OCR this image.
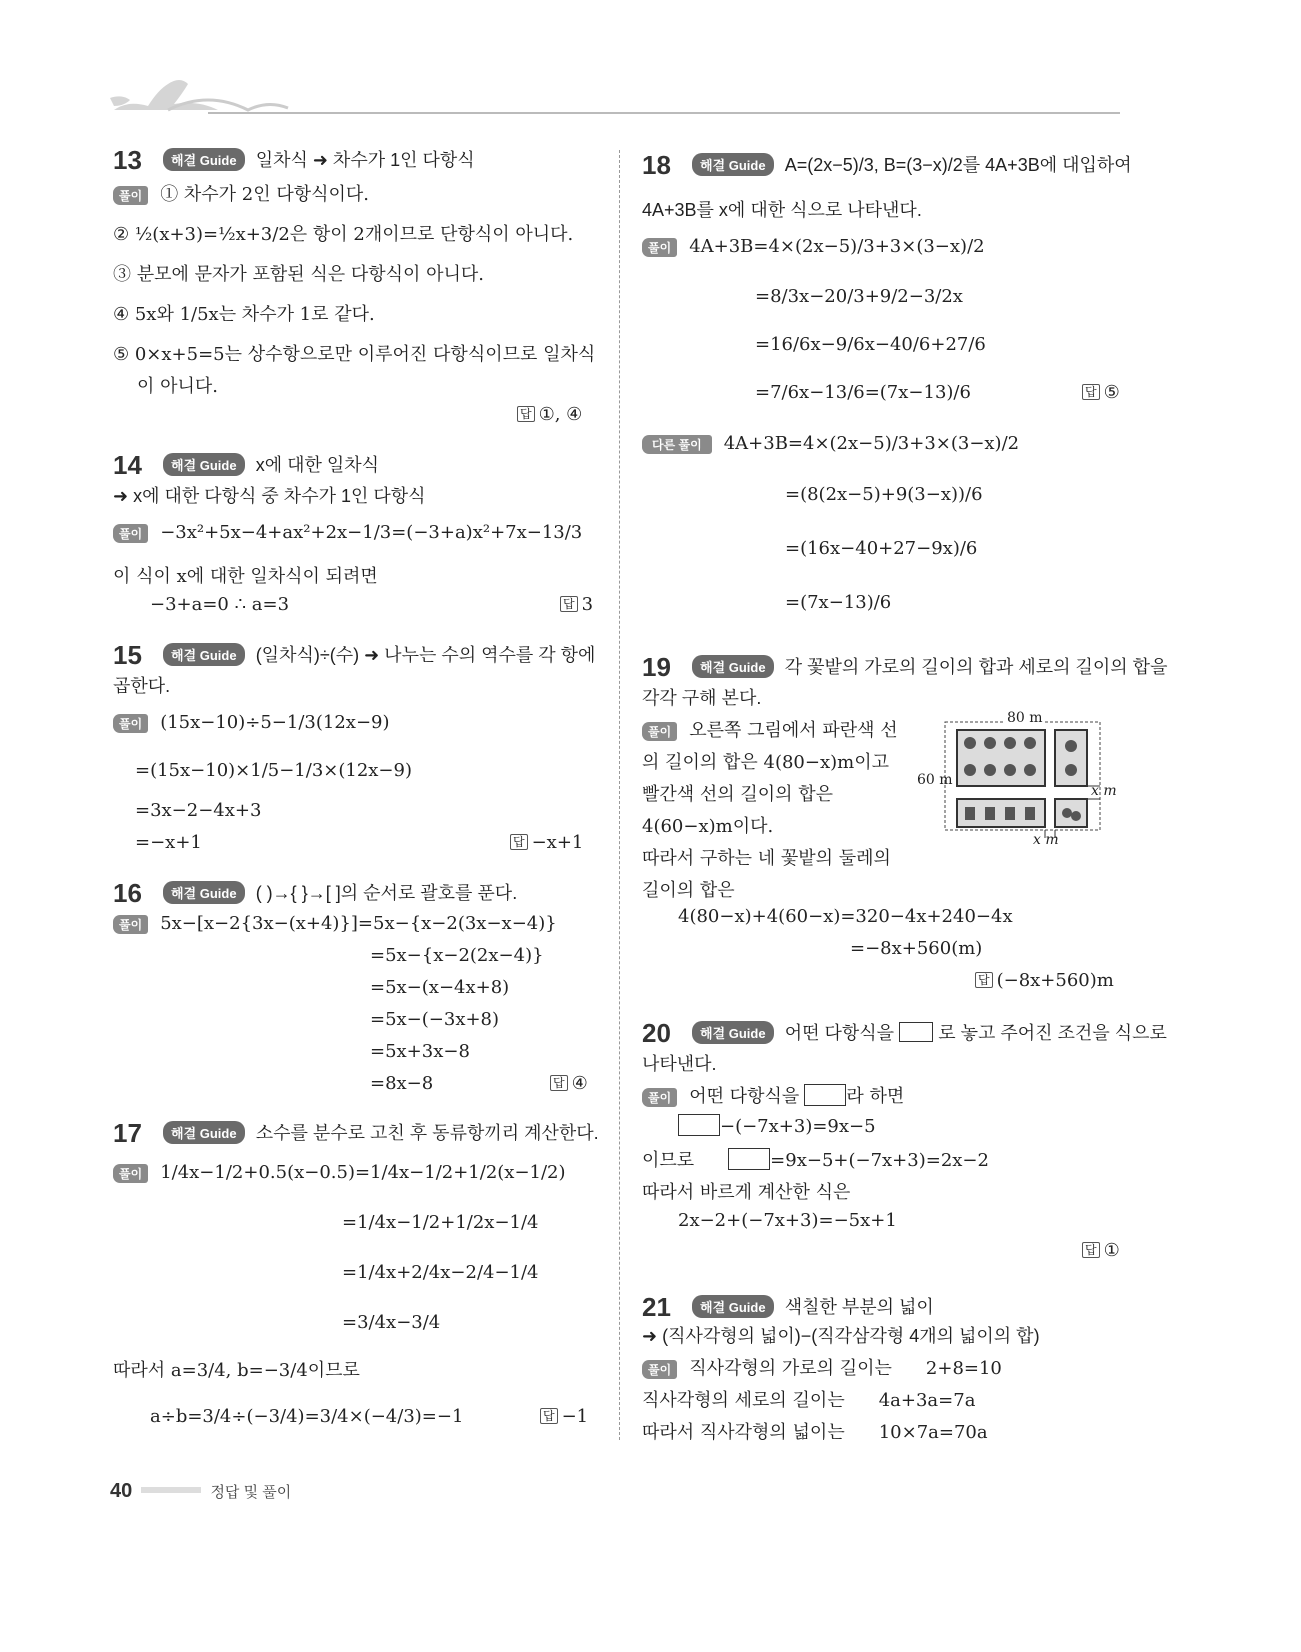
13 해결 Guide 일차식 ➜ 차수가 1인 다항식
풀이 ① 차수가 2인 다항식이다.
② ½(x+3)=½x+3/2은 항이 2개이므로 단항식이 아니다.
③ 분모에 문자가 포함된 식은 다항식이 아니다.
④ 5x와 1/5x는 차수가 1로 같다.
⑤ 0×x+5=5는 상수항으로만 이루어진 다항식이므로 일차식
이 아니다.
답 ①, ④
14 해결 Guide x에 대한 일차식
➜ x에 대한 다항식 중 차수가 1인 다항식
풀이 −3x²+5x−4+ax²+2x−1/3=(−3+a)x²+7x−13/3
이 식이 x에 대한 일차식이 되려면
−3+a=0 ∴ a=3	답 3
15 해결 Guide (일차식)÷(수) ➜ 나누는 수의 역수를 각 항에
곱한다.
풀이 (15x−10)÷5−1/3(12x−9)
=(15x−10)×1/5−1/3×(12x−9)
=3x−2−4x+3
=−x+1	답 −x+1
16 해결 Guide ( )→{ }→[ ]의 순서로 괄호를 푼다.
풀이 5x−[x−2{3x−(x+4)}]=5x−{x−2(3x−x−4)}
=5x−{x−2(2x−4)}
=5x−(x−4x+8)
=5x−(−3x+8)
=5x+3x−8
=8x−8	답 ④
17 해결 Guide 소수를 분수로 고친 후 동류항끼리 계산한다.
풀이 1/4x−1/2+0.5(x−0.5)=1/4x−1/2+1/2(x−1/2)
=1/4x−1/2+1/2x−1/4
=1/4x+2/4x−2/4−1/4
=3/4x−3/4
따라서 a=3/4, b=−3/4이므로
a÷b=3/4÷(−3/4)=3/4×(−4/3)=−1	답 −1
18 해결 Guide A=(2x−5)/3, B=(3−x)/2를 4A+3B에 대입하여
4A+3B를 x에 대한 식으로 나타낸다.
풀이 4A+3B=4×(2x−5)/3+3×(3−x)/2
=8/3x−20/3+9/2−3/2x
=16/6x−9/6x−40/6+27/6
=7/6x−13/6=(7x−13)/6	답 ⑤
다른 풀이 4A+3B=4×(2x−5)/3+3×(3−x)/2
=(8(2x−5)+9(3−x))/6
=(16x−40+27−9x)/6
=(7x−13)/6
19 해결 Guide 각 꽃밭의 가로의 길이의 합과 세로의 길이의 합을
각각 구해 본다.
풀이 오른쪽 그림에서 파란색 선
의 길이의 합은 4(80−x)m이고
빨간색 선의 길이의 합은
4(60−x)m이다.
따라서 구하는 네 꽃밭의 둘레의
길이의 합은
4(80−x)+4(60−x)=320−4x+240−4x
=−8x+560(m)
답 (−8x+560)m
80 m
60 m
x m
x m
20 해결 Guide 어떤 다항식을 로 놓고 주어진 조건을 식으로
나타낸다.
풀이 어떤 다항식을	라 하면
−(−7x+3)=9x−5
이므로	=9x−5+(−7x+3)=2x−2
따라서 바르게 계산한 식은
2x−2+(−7x+3)=−5x+1
답 ①
21 해결 Guide 색칠한 부분의 넓이
➜ (직사각형의 넓이)−(직각삼각형 4개의 넓이의 합)
풀이 직사각형의 가로의 길이는 2+8=10
직사각형의 세로의 길이는 4a+3a=7a
따라서 직사각형의 넓이는 10×7a=70a
40	정답 및 풀이
